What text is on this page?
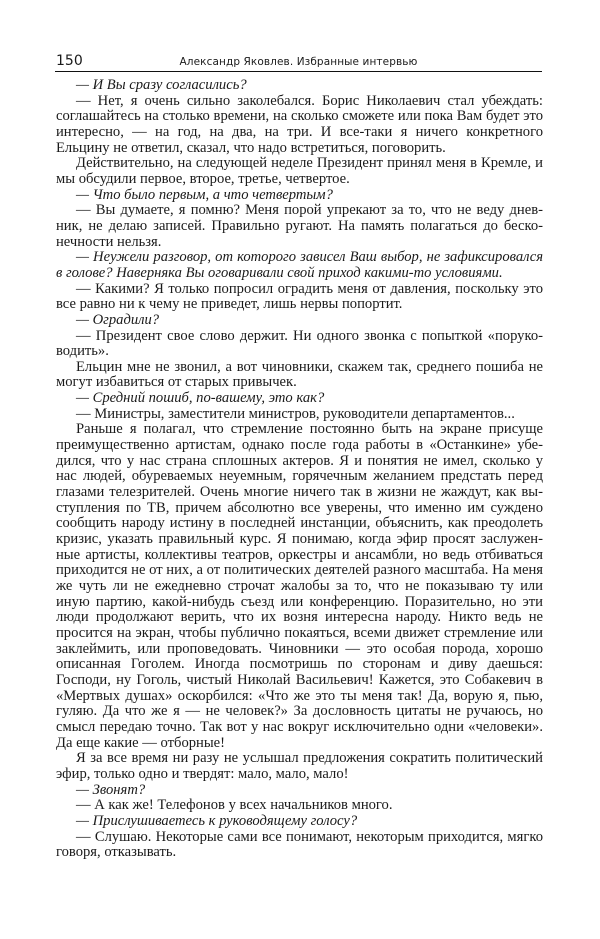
150	Александр Яковлев. Избранные интервью

— И Вы сразу согласились?

— Нет, я очень сильно заколебался. Борис Николаевич стал убеждать: соглашайтесь на столько времени, на сколько сможете или пока Вам будет это интересно, — на год, на два, на три. И все-таки я ничего конкретного Ельцину не ответил, сказал, что надо встретиться, поговорить.

Действительно, на следующей неделе Президент принял меня в Кремле, и мы обсудили первое, второе, третье, четвертое.

— Что было первым, а что четвертым?

— Вы думаете, я помню? Меня порой упрекают за то, что не веду дневник, не делаю записей. Правильно ругают. На память полагаться до бесконечности нельзя.

— Неужели разговор, от которого зависел Ваш выбор, не зафиксировался в голове? Наверняка Вы оговаривали свой приход какими-то условиями.

— Какими? Я только попросил оградить меня от давления, поскольку это все равно ни к чему не приведет, лишь нервы попортит.

— Оградили?

— Президент свое слово держит. Ни одного звонка с попыткой «поруководить».

Ельцин мне не звонил, а вот чиновники, скажем так, среднего пошиба не могут избавиться от старых привычек.

— Средний пошиб, по-вашему, это как?

— Министры, заместители министров, руководители департаментов...

Раньше я полагал, что стремление постоянно быть на экране присуще преимущественно артистам, однако после года работы в «Останкине» убедился, что у нас страна сплошных актеров. Я и понятия не имел, сколько у нас людей, обуреваемых неуемным, горячечным желанием предстать перед глазами телезрителей. Очень многие ничего так в жизни не жаждут, как выступления по ТВ, причем абсолютно все уверены, что именно им суждено сообщить народу истину в последней инстанции, объяснить, как преодолеть кризис, указать правильный курс. Я понимаю, когда эфир просят заслуженные артисты, коллективы театров, оркестры и ансамбли, но ведь отбиваться приходится не от них, а от политических деятелей разного масштаба. На меня же чуть ли не ежедневно строчат жалобы за то, что не показываю ту или иную партию, какой-нибудь съезд или конференцию. Поразительно, но эти люди продолжают верить, что их возня интересна народу. Никто ведь не просится на экран, чтобы публично покаяться, всеми движет стремление или заклеймить, или проповедовать. Чиновники — это особая порода, хорошо описанная Гоголем. Иногда посмотришь по сторонам и диву даешься: Господи, ну Гоголь, чистый Николай Васильевич! Кажется, это Собакевич в «Мертвых душах» оскорбился: «Что же это ты меня так! Да, ворую я, пью, гуляю. Да что же я — не человек?» За дословность цитаты не ручаюсь, но смысл передаю точно. Так вот у нас вокруг исключительно одни «человеки». Да еще какие — отборные!

Я за все время ни разу не услышал предложения сократить политический эфир, только одно и твердят: мало, мало, мало!

— Звонят?

— А как же! Телефонов у всех начальников много.

— Прислушиваетесь к руководящему голосу?

— Слушаю. Некоторые сами все понимают, некоторым приходится, мягко говоря, отказывать.
